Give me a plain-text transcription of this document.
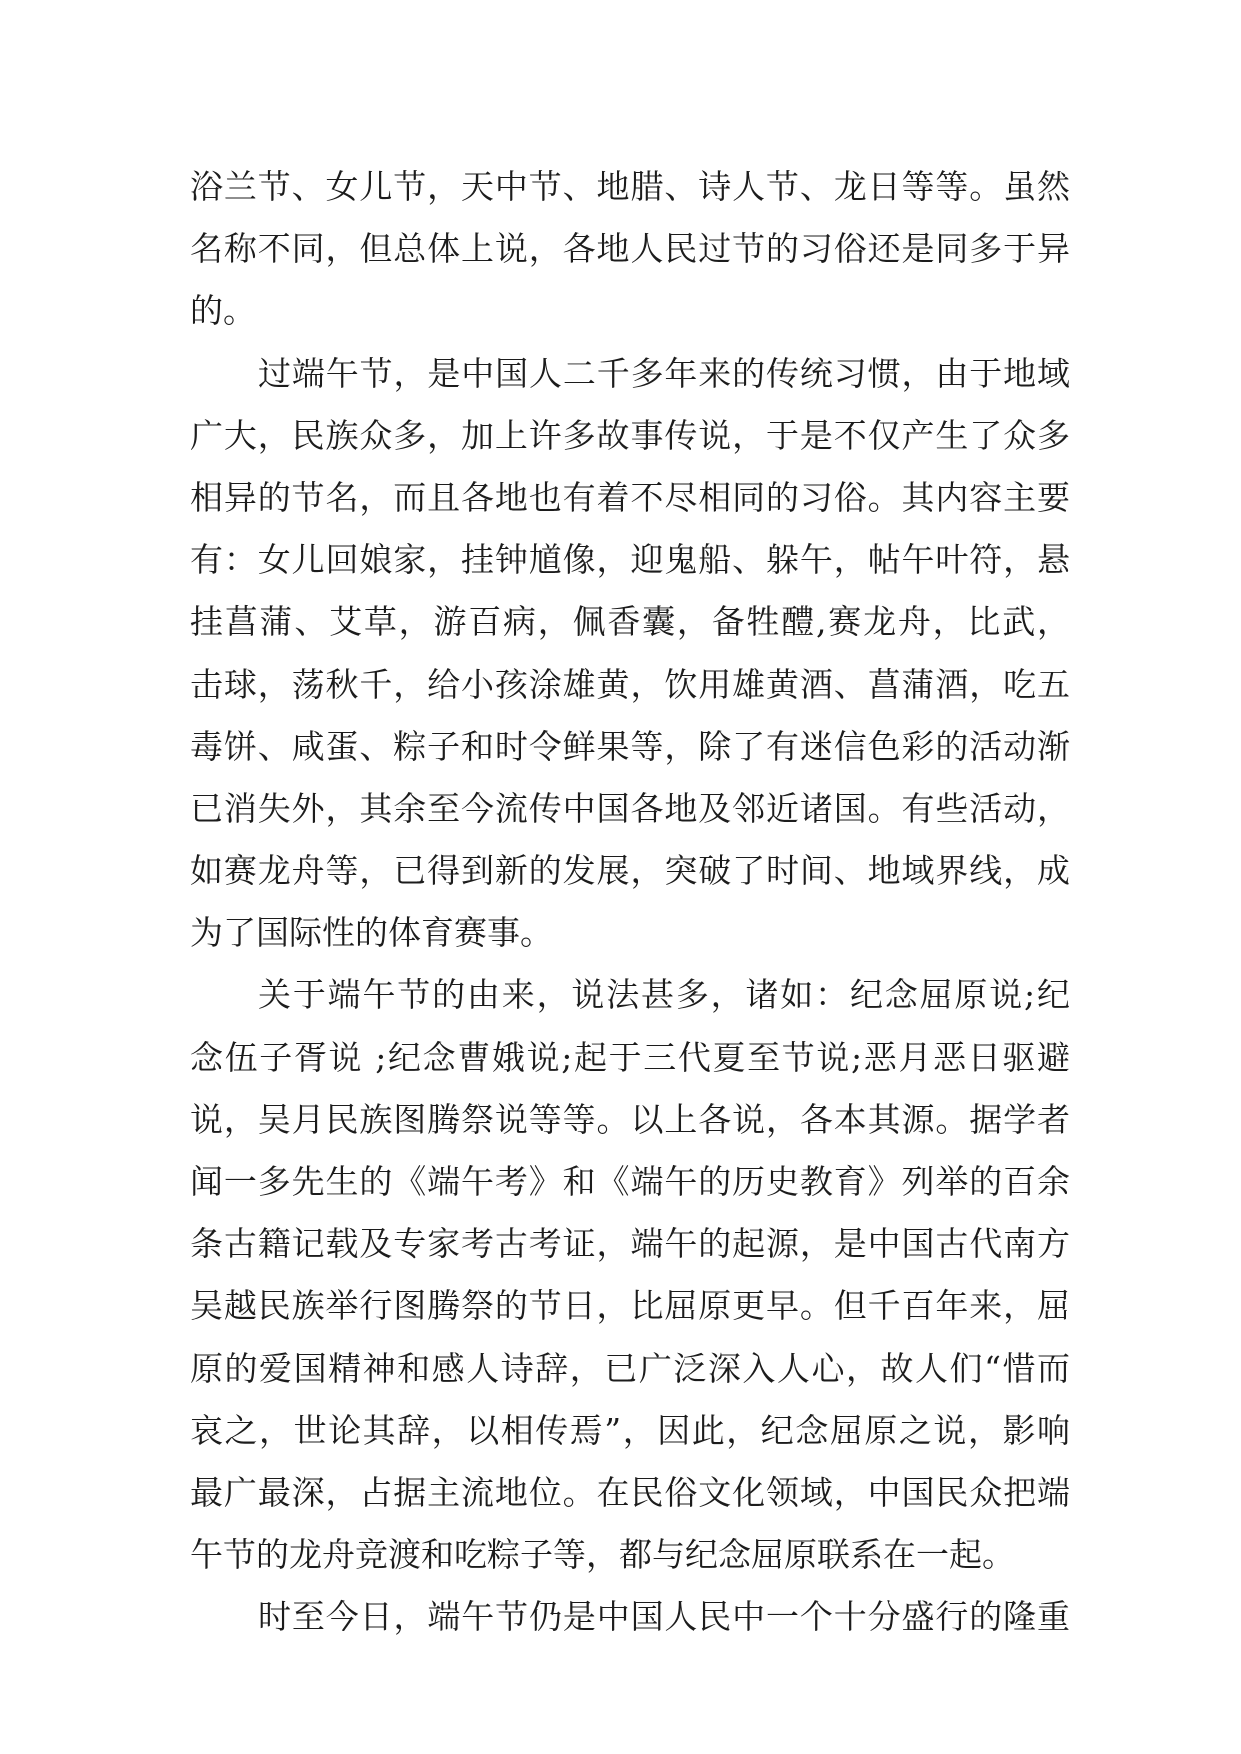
浴兰节、女儿节，天中节、地腊、诗人节、龙日等等。虽然
名称不同，但总体上说，各地人民过节的习俗还是同多于异
的。
过端午节，是中国人二千多年来的传统习惯，由于地域
广大，民族众多，加上许多故事传说，于是不仅产生了众多
相异的节名，而且各地也有着不尽相同的习俗。其内容主要
有：女儿回娘家，挂钟馗像，迎鬼船、躲午，帖午叶符，悬
挂菖蒲、艾草，游百病，佩香囊，备牲醴,赛龙舟，比武，
击球，荡秋千，给小孩涂雄黄，饮用雄黄酒、菖蒲酒，吃五
毒饼、咸蛋、粽子和时令鲜果等，除了有迷信色彩的活动渐
已消失外，其余至今流传中国各地及邻近诸国。有些活动，
如赛龙舟等，已得到新的发展，突破了时间、地域界线，成
为了国际性的体育赛事。
关于端午节的由来，说法甚多，诸如：纪念屈原说;纪
念伍子胥说 ;纪念曹娥说;起于三代夏至节说;恶月恶日驱避
说，吴月民族图腾祭说等等。以上各说，各本其源。据学者
闻一多先生的《端午考》和《端午的历史教育》列举的百余
条古籍记载及专家考古考证，端午的起源，是中国古代南方
吴越民族举行图腾祭的节日，比屈原更早。但千百年来，屈
原的爱国精神和感人诗辞，已广泛深入人心，故人们“惜而
哀之，世论其辞，以相传焉”，因此，纪念屈原之说，影响
最广最深，占据主流地位。在民俗文化领域，中国民众把端
午节的龙舟竞渡和吃粽子等，都与纪念屈原联系在一起。
时至今日，端午节仍是中国人民中一个十分盛行的隆重
